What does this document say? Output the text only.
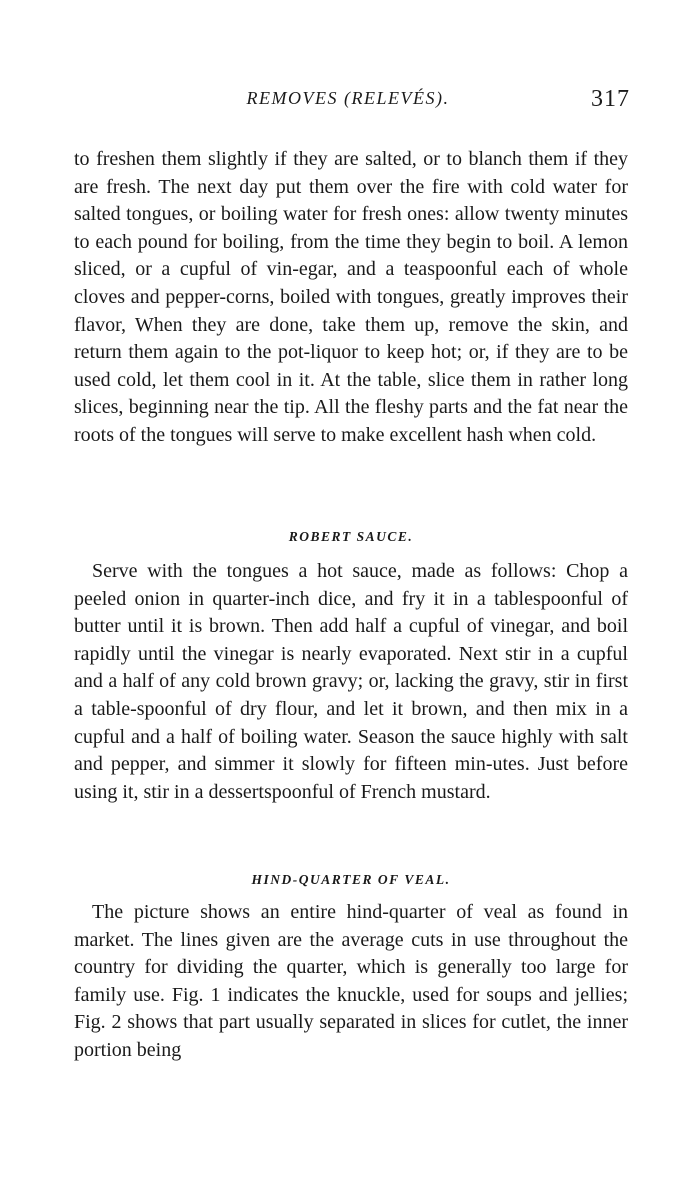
REMOVES (RELEVÉS).	317

to freshen them slightly if they are salted, or to blanch them if they are fresh. The next day put them over the fire with cold water for salted tongues, or boiling water for fresh ones: allow twenty minutes to each pound for boiling, from the time they begin to boil. A lemon sliced, or a cupful of vin-egar, and a teaspoonful each of whole cloves and pepper-corns, boiled with tongues, greatly improves their flavor, When they are done, take them up, remove the skin, and return them again to the pot-liquor to keep hot; or, if they are to be used cold, let them cool in it. At the table, slice them in rather long slices, beginning near the tip. All the fleshy parts and the fat near the roots of the tongues will serve to make excellent hash when cold.

ROBERT SAUCE.

Serve with the tongues a hot sauce, made as follows: Chop a peeled onion in quarter-inch dice, and fry it in a tablespoonful of butter until it is brown. Then add half a cupful of vinegar, and boil rapidly until the vinegar is nearly evaporated. Next stir in a cupful and a half of any cold brown gravy; or, lacking the gravy, stir in first a table-spoonful of dry flour, and let it brown, and then mix in a cupful and a half of boiling water. Season the sauce highly with salt and pepper, and simmer it slowly for fifteen min-utes. Just before using it, stir in a dessertspoonful of French mustard.

HIND-QUARTER OF VEAL.

The picture shows an entire hind-quarter of veal as found in market. The lines given are the average cuts in use throughout the country for dividing the quarter, which is generally too large for family use. Fig. 1 indicates the knuckle, used for soups and jellies; Fig. 2 shows that part usually separated in slices for cutlet, the inner portion being
